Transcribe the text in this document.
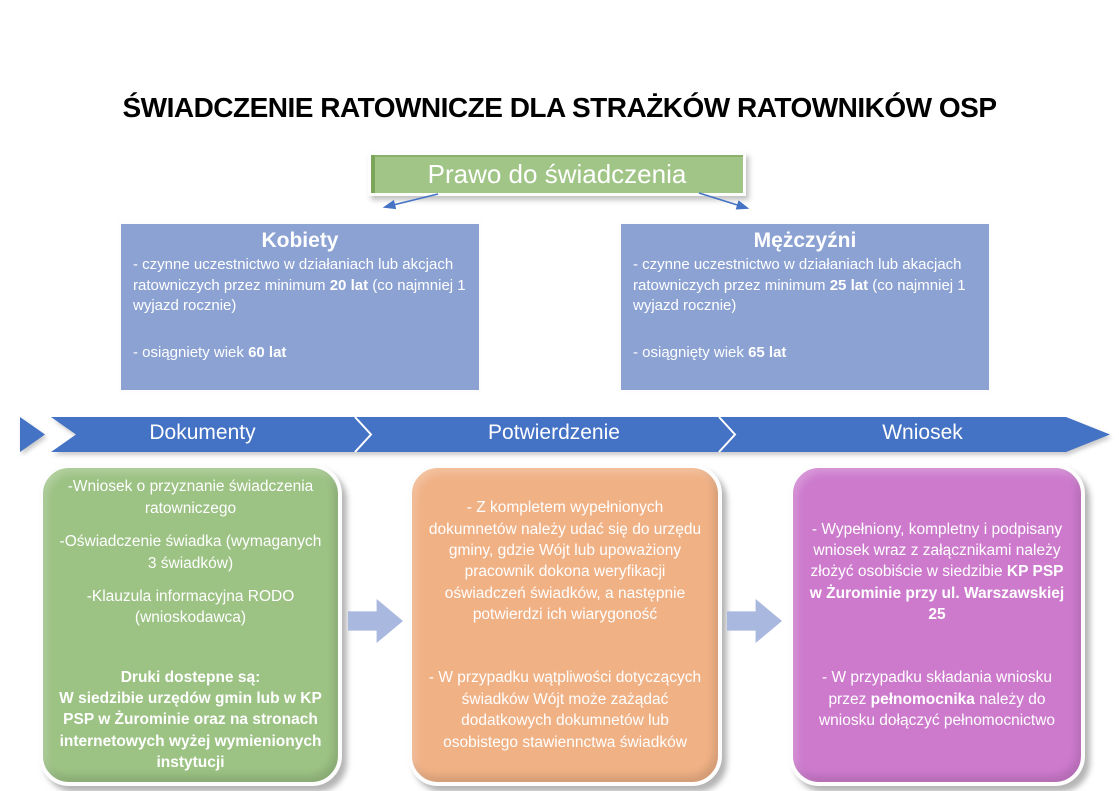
ŚWIADCZENIE RATOWNICZE DLA STRAŻKÓW RATOWNIKÓW OSP
Prawo do świadczenia
Kobiety

- czynne uczestnictwo w działaniach lub akcjach ratowniczych przez minimum 20 lat (co najmniej 1 wyjazd rocznie)

- osiągniety wiek 60 lat

Mężczyźni

- czynne uczestnictwo w działaniach lub akacjach ratowniczych przez minimum 25 lat (co najmniej 1 wyjazd rocznie)

- osiągnięty wiek 65 lat

Dokumenty	Potwierdzenie	Wniosek

-Wniosek o przyznanie świadczenia ratowniczego

-Oświadczenie świadka (wymaganych 3 świadków)

-Klauzula informacyjna RODO (wnioskodawca)

Druki dostepne są:

W siedzibie urzędów gmin lub w KP PSP w Żurominie oraz na stronach internetowych wyżej wymienionych instytucji

- Z kompletem wypełnionych dokumnetów należy udać się do urzędu gminy, gdzie Wójt lub upoważiony pracownik dokona weryfikacji oświadczeń świadków, a następnie potwierdzi ich wiarygoność

- W przypadku wątpliwości dotyczących świadków Wójt może zażądać dodatkowych dokumnetów lub osobistego stawiennctwa świadków

- Wypełniony, kompletny i podpisany wniosek wraz z załącznikami należy złożyć osobiście w siedzibie KP PSP w Żurominie przy ul. Warszawskiej 25

- W przypadku składania wniosku przez pełnomocnika należy do wniosku dołączyć pełnomocnictwo
